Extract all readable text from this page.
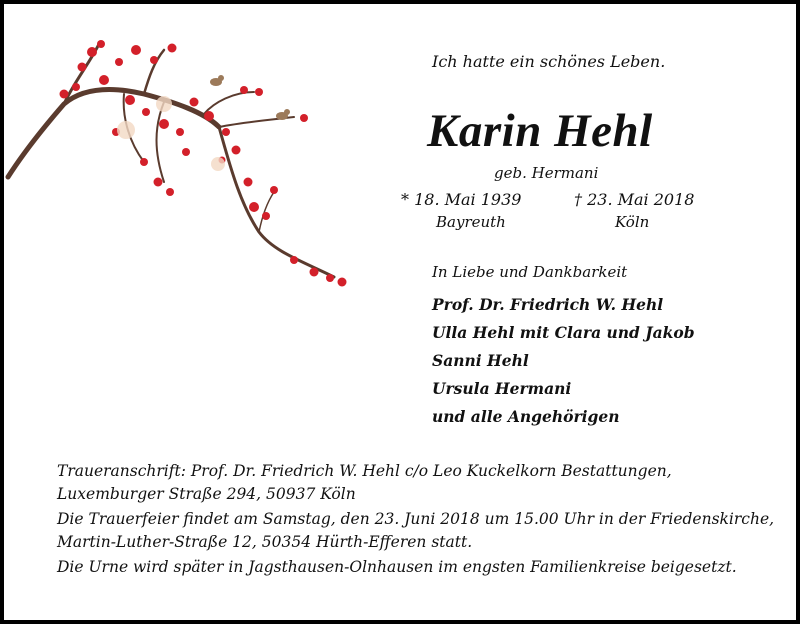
Ich hatte ein schönes Leben.
Karin Hehl
geb. Hermani
* 18. Mai 1939
Bayreuth
† 23. Mai 2018
Köln
In Liebe und Dankbarkeit
Prof. Dr. Friedrich W. Hehl
Ulla Hehl mit Clara und Jakob
Sanni Hehl
Ursula Hermani
und alle Angehörigen

Traueranschrift: Prof. Dr. Friedrich W. Hehl c/o Leo Kuckelkorn Bestattungen,
Luxemburger Straße 294, 50937 Köln

Die Trauerfeier findet am Samstag, den 23. Juni 2018 um 15.00 Uhr in der Friedenskirche,
Martin-Luther-Straße 12, 50354 Hürth-Efferen statt.

Die Urne wird später in Jagsthausen-Olnhausen im engsten Familienkreise beigesetzt.
